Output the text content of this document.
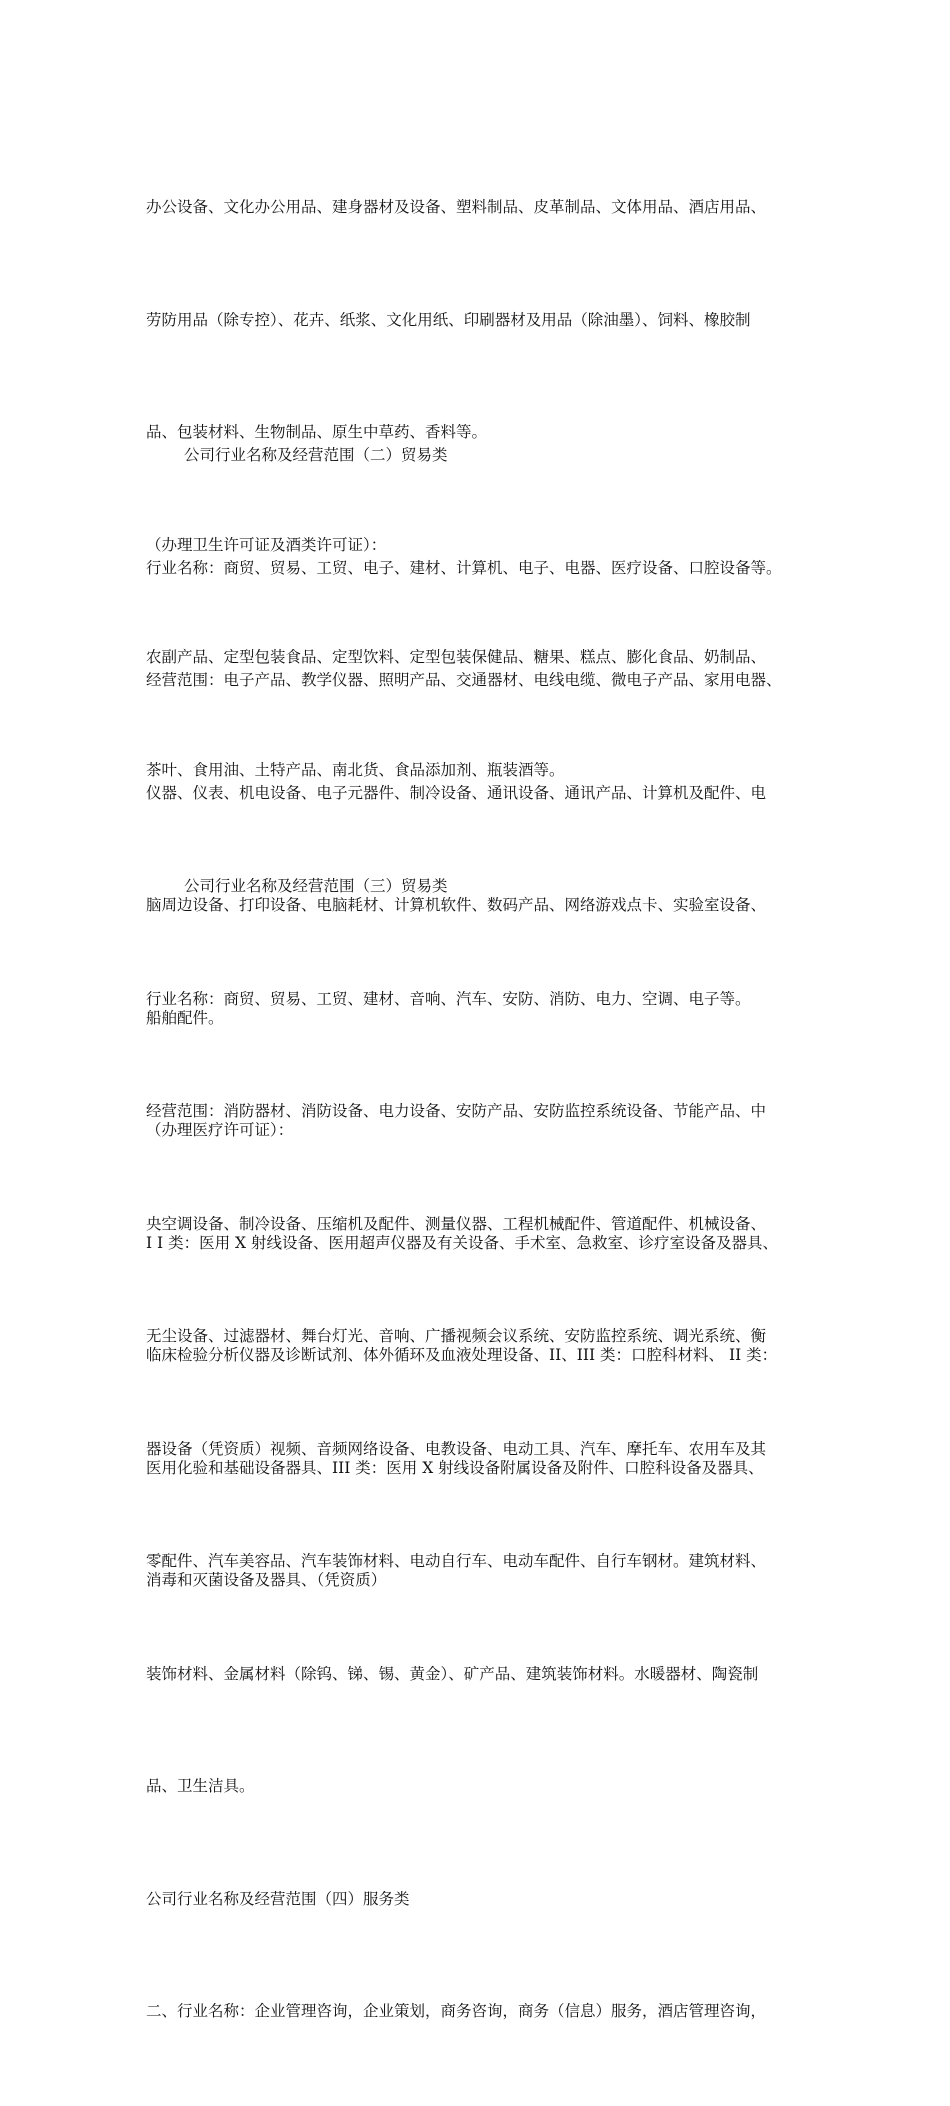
办公设备、文化办公用品、建身器材及设备、塑料制品、皮革制品、文体用品、酒店用品、

劳防用品（除专控）、花卉、纸浆、文化用纸、印刷器材及用品（除油墨）、饲料、橡胶制

品、包装材料、生物制品、原生中草药、香料等。

（办理卫生许可证及酒类许可证）：

农副产品、定型包装食品、定型饮料、定型包装保健品、糖果、糕点、膨化食品、奶制品、

茶叶、食用油、土特产品、南北货、食品添加剂、瓶装酒等。

公司行业名称及经营范围（二）贸易类

行业名称：商贸、贸易、工贸、电子、建材、计算机、电子、电器、医疗设备、口腔设备等。

经营范围：电子产品、教学仪器、照明产品、交通器材、电线电缆、微电子产品、家用电器、

仪器、仪表、机电设备、电子元器件、制冷设备、通讯设备、通讯产品、计算机及配件、电

脑周边设备、打印设备、电脑耗材、计算机软件、数码产品、网络游戏点卡、实验室设备、

船舶配件。

（办理医疗许可证）：

I I 类：医用 X 射线设备、医用超声仪器及有关设备、手术室、急救室、诊疗室设备及器具、

临床检验分析仪器及诊断试剂、体外循环及血液处理设备、II、III 类：口腔科材料、 II 类：

医用化验和基础设备器具、III 类：医用 X 射线设备附属设备及附件、口腔科设备及器具、

消毒和灭菌设备及器具、（凭资质）

公司行业名称及经营范围（三）贸易类

行业名称：商贸、贸易、工贸、建材、音响、汽车、安防、消防、电力、空调、电子等。

经营范围：消防器材、消防设备、电力设备、安防产品、安防监控系统设备、节能产品、中

央空调设备、制冷设备、压缩机及配件、测量仪器、工程机械配件、管道配件、机械设备、

无尘设备、过滤器材、舞台灯光、音响、广播视频会议系统、安防监控系统、调光系统、衡

器设备（凭资质）视频、音频网络设备、电教设备、电动工具、汽车、摩托车、农用车及其

零配件、汽车美容品、汽车装饰材料、电动自行车、电动车配件、自行车钢材。建筑材料、

装饰材料、金属材料（除钨、锑、锡、黄金）、矿产品、建筑装饰材料。水暖器材、陶瓷制

品、卫生洁具。

公司行业名称及经营范围（四）服务类

二、行业名称：企业管理咨询，企业策划，商务咨询，商务（信息）服务，酒店管理咨询，
